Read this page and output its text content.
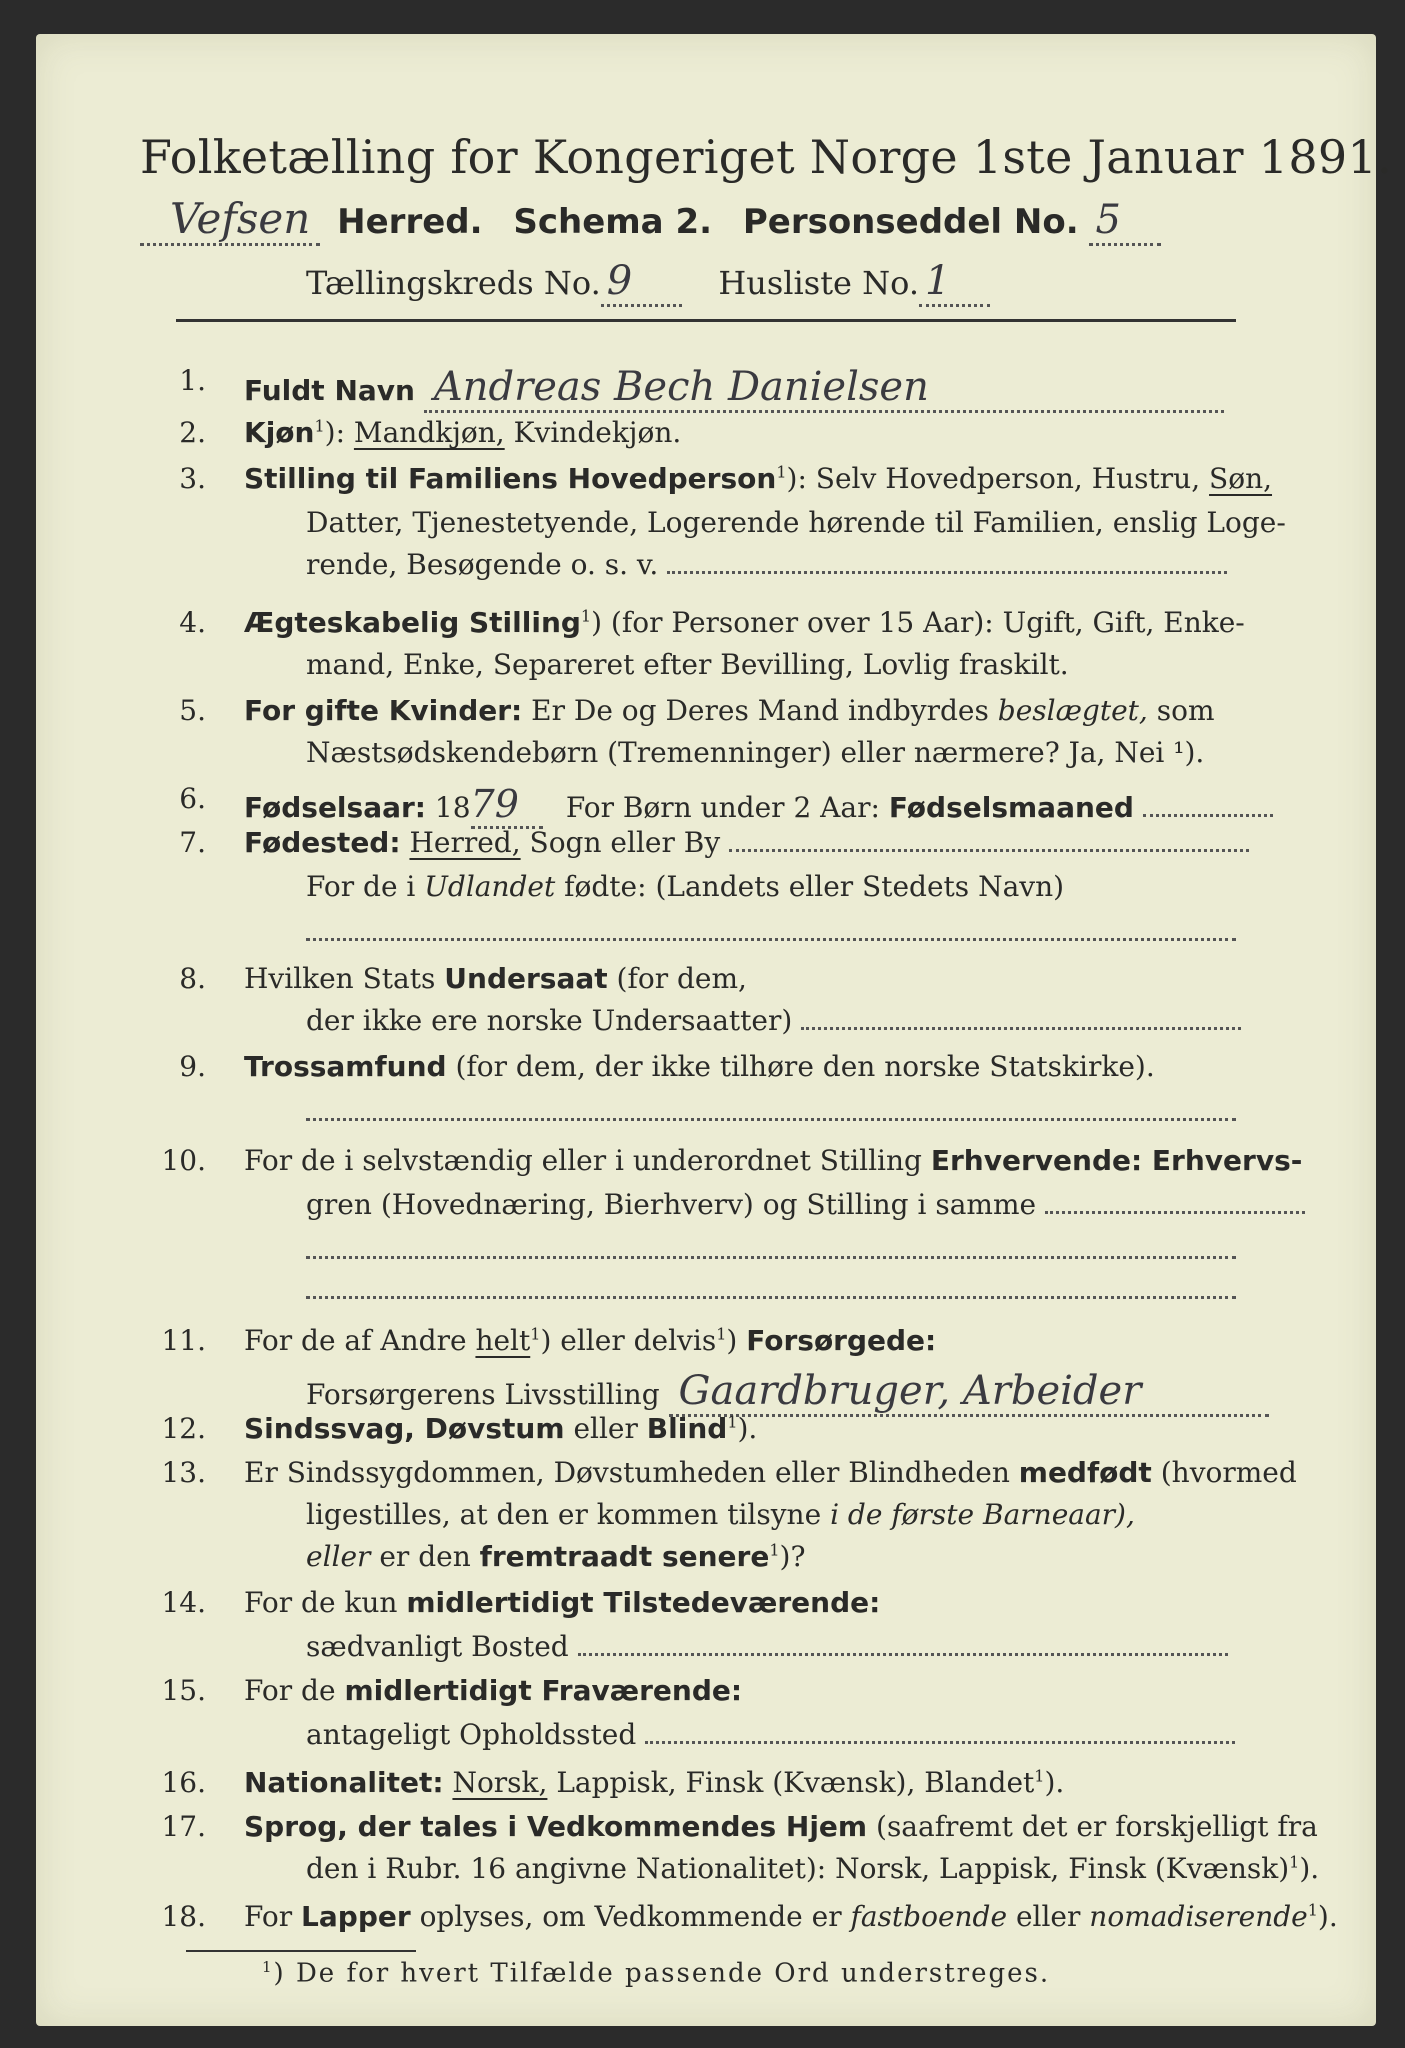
Folketælling for Kongeriget Norge 1ste Januar 1891.
Vefsen Herred. Schema 2. Personseddel No. 5
Tællingskreds No. 9	Husliste No. 1
1. Fuldt Navn Andreas Bech Danielsen
2. Kjøn$^1$): Mandkjøn, Kvindekjøn.
3. Stilling til Familiens Hovedperson$^1$): Selv Hovedperson, Hustru, Søn,
Datter, Tjenestetyende, Logerende hørende til Familien, enslig Loge-
rende, Besøgende o. s. v.
4. Ægteskabelig Stilling$^1$) (for Personer over 15 Aar): Ugift, Gift, Enke-
mand, Enke, Separeret efter Bevilling, Lovlig fraskilt.
5. For gifte Kvinder: Er De og Deres Mand indbyrdes beslægtet, som
Næstsødskendebørn (Tremenninger) eller nærmere? Ja, Nei ¹).
6. Fødselsaar: 1879 For Børn under 2 Aar: Fødselsmaaned
7. Fødested: Herred, Sogn eller By
For de i Udlandet fødte: (Landets eller Stedets Navn)
8. Hvilken Stats Undersaat (for dem,
der ikke ere norske Undersaatter)
9. Trossamfund (for dem, der ikke tilhøre den norske Statskirke).
10. For de i selvstændig eller i underordnet Stilling Erhvervende: Erhvervs-
gren (Hovednæring, Bierhverv) og Stilling i samme
11. For de af Andre helt$^1$) eller delvis$^1$) Forsørgede:
Forsørgerens Livsstilling Gaardbruger, Arbeider
12. Sindssvag, Døvstum eller Blind$^1$).
13. Er Sindssygdommen, Døvstumheden eller Blindheden medfødt (hvormed
ligestilles, at den er kommen tilsyne i de første Barneaar),
eller er den fremtraadt senere$^1$)?
14. For de kun midlertidigt Tilstedeværende:
sædvanligt Bosted
15. For de midlertidigt Fraværende:
antageligt Opholdssted
16. Nationalitet: Norsk, Lappisk, Finsk (Kvænsk), Blandet$^1$).
17. Sprog, der tales i Vedkommendes Hjem (saafremt det er forskjelligt fra
den i Rubr. 16 angivne Nationalitet): Norsk, Lappisk, Finsk (Kvænsk)$^1$).
18. For Lapper oplyses, om Vedkommende er fastboende eller nomadiserende$^1$).
$^1$) De for hvert Tilfælde passende Ord understreges.
